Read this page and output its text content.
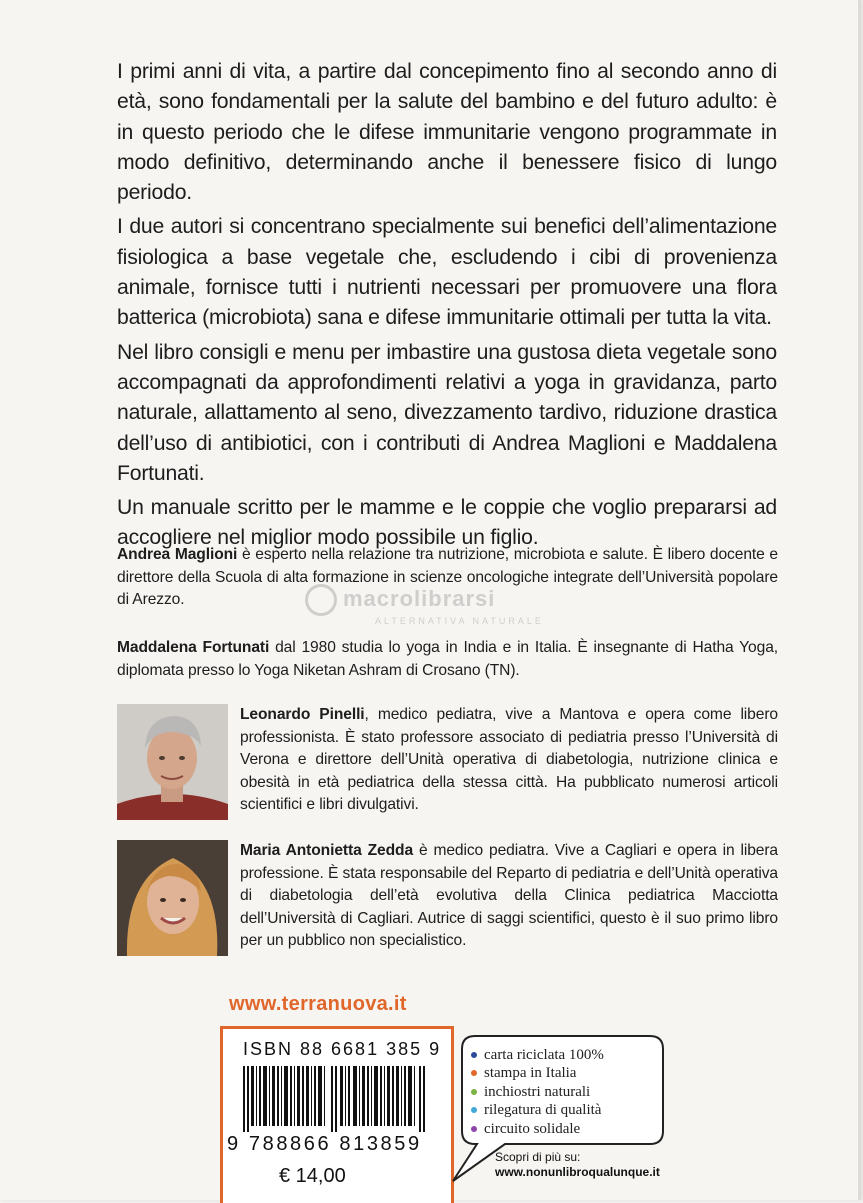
I primi anni di vita, a partire dal concepimento fino al secondo anno di età, sono fondamentali per la salute del bambino e del futuro adulto: è in questo periodo che le difese immunitarie vengono programmate in modo definitivo, determinando anche il benessere fisico di lungo periodo.

I due autori si concentrano specialmente sui benefici dell’alimentazione fisiologica a base vegetale che, escludendo i cibi di provenienza animale, fornisce tutti i nutrienti necessari per promuovere una flora batterica (microbiota) sana e difese immunitarie ottimali per tutta la vita.

Nel libro consigli e menu per imbastire una gustosa dieta vegetale sono accompagnati da approfondimenti relativi a yoga in gravidanza, parto naturale, allattamento al seno, divezzamento tardivo, riduzione drastica dell’uso di antibiotici, con i contributi di Andrea Maglioni e Maddalena Fortunati.

Un manuale scritto per le mamme e le coppie che voglio prepararsi ad accogliere nel miglior modo possibile un figlio.

Andrea Maglioni è esperto nella relazione tra nutrizione, microbiota e salute. È libero docente e direttore della Scuola di alta formazione in scienze oncologiche integrate dell’Università popolare di Arezzo.	macrolibrarsi
ALTERNATIVA NATURALE
Maddalena Fortunati dal 1980 studia lo yoga in India e in Italia. È insegnante di Hatha Yoga, diplomata presso lo Yoga Niketan Ashram di Crosano (TN).
Leonardo Pinelli, medico pediatra, vive a Mantova e opera come libero professionista. È stato professore associato di pediatria presso l’Università di Verona e direttore dell’Unità operativa di diabetologia, nutrizione clinica e obesità in età pediatrica della stessa città. Ha pubblicato numerosi articoli scientifici e libri divulgativi.
Maria Antonietta Zedda è medico pediatra. Vive a Cagliari e opera in libera professione. È stata responsabile del Reparto di pediatria e dell’Unità operativa di diabetologia dell’età evolutiva della Clinica pediatrica Macciotta dell’Università di Cagliari. Autrice di saggi scientifici, questo è il suo primo libro per un pubblico non specialistico.
www.terranuova.it
ISBN 88 6681 385 9
9 788866 813859
€ 14,00
carta riciclata 100%
stampa in Italia
inchiostri naturali
rilegatura di qualità
circuito solidale
Scopri di più su:
www.nonunlibroqualunque.it
